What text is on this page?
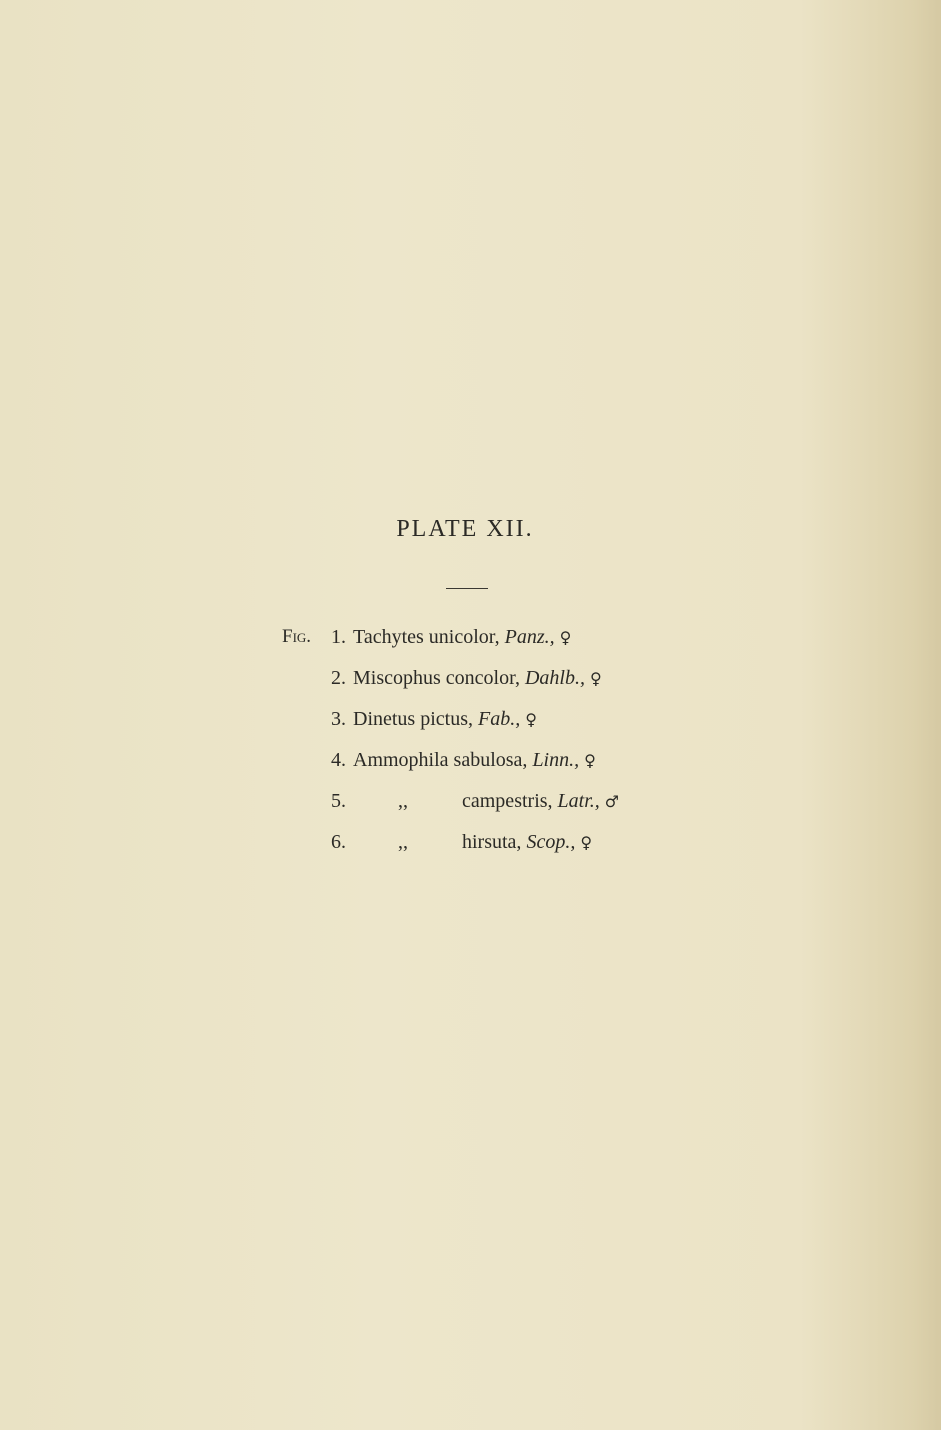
PLATE XII.
Fig. 1. Tachytes unicolor, Panz., ♀
2. Miscophus concolor, Dahlb., ♀
3. Dinetus pictus, Fab., ♀
4. Ammophila sabulosa, Linn., ♀
5.	,,	campestris, Latr., ♂
6.	,,	hirsuta, Scop., ♀
